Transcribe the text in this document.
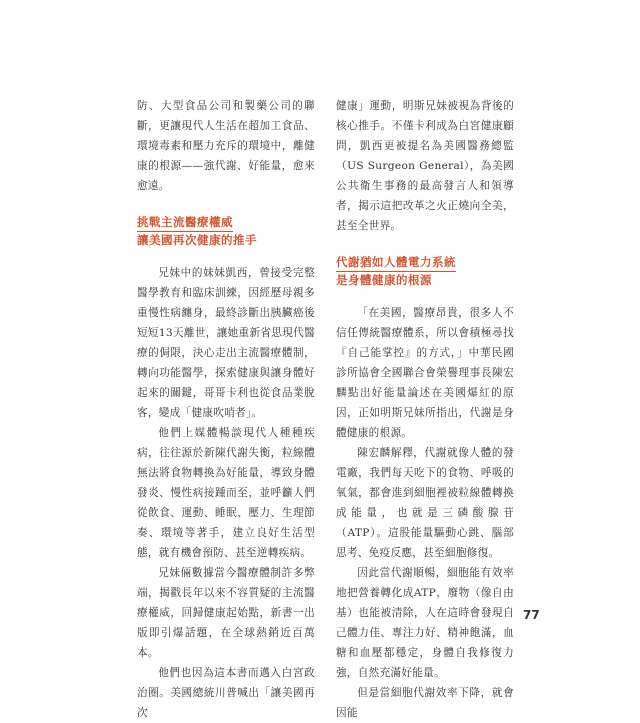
防、大型食品公司和製藥公司的聯斷，更讓現代人生活在超加工食品、環境毒素和壓力充斥的環境中，離健康的根源——強代謝、好能量，愈來愈遠。

挑戰主流醫療權威
讓美國再次健康的推手

兄妹中的妹妹凱西，曾接受完整醫學教育和臨床訓練，因經歷母親多重慢性病纏身，最終診斷出胰臟癌後短短13天離世，讓她重新省思現代醫療的侷限，決心走出主流醫療體制，轉向功能醫學，探索健康與讓身體好起來的關鍵，哥哥卡利也從食品業脫客，變成「健康吹哨者」。

他們上媒體暢談現代人種種疾病，往往源於新陳代謝失衡，粒線體無法將食物轉換為好能量，導致身體發炎、慢性病接踵而至，並呼籲人們從飲食、運動、睡眠、壓力、生理節奏、環境等著手，建立良好生活型態，就有機會預防、甚至逆轉疾病。

兄妹倆數據當今醫療體制許多弊端，揭戳長年以來不容質疑的主流醫療權威，回歸健康起始點，新書一出版即引爆話題，在全球熱銷近百萬本。

他們也因為這本書而邁入白宮政治圈。美國總統川普喊出「讓美國再次

健康」運動，明斯兄妹被視為背後的核心推手。不僅卡利成為白宮健康顧問，凱西更被提名為美國醫務總監（US Surgeon General），為美國公共衛生事務的最高發言人和領導者，揭示這把改革之火正燒向全美，甚至全世界。

代謝猶如人體電力系統
是身體健康的根源

「在美國，醫療昂貴，很多人不信任傳統醫療體系，所以會積極尋找『自己能掌控』的方式，」中華民國診所協會全國聯合會榮譽理事長陳宏麟點出好能量論述在美國爆紅的原因，正如明斯兄妹所指出，代謝是身體健康的根源。

陳宏麟解釋，代謝就像人體的發電廠，我們每天吃下的食物、呼吸的氧氣，都會進到細胞裡被粒線體轉換成能量，也就是三磷酸腺苷（ATP）。這股能量驅動心跳、腦部思考、免疫反應，甚至細胞修復。

因此當代謝順暢，細胞能有效率地把營養轉化成ATP，廢物（像自由基）也能被清除，人在這時會發現自己體力佳、專注力好、精神飽滿，血糖和血壓都穩定，身體自我修復力強，自然充滿好能量。

但是當細胞代謝效率下降，就會因能

77
